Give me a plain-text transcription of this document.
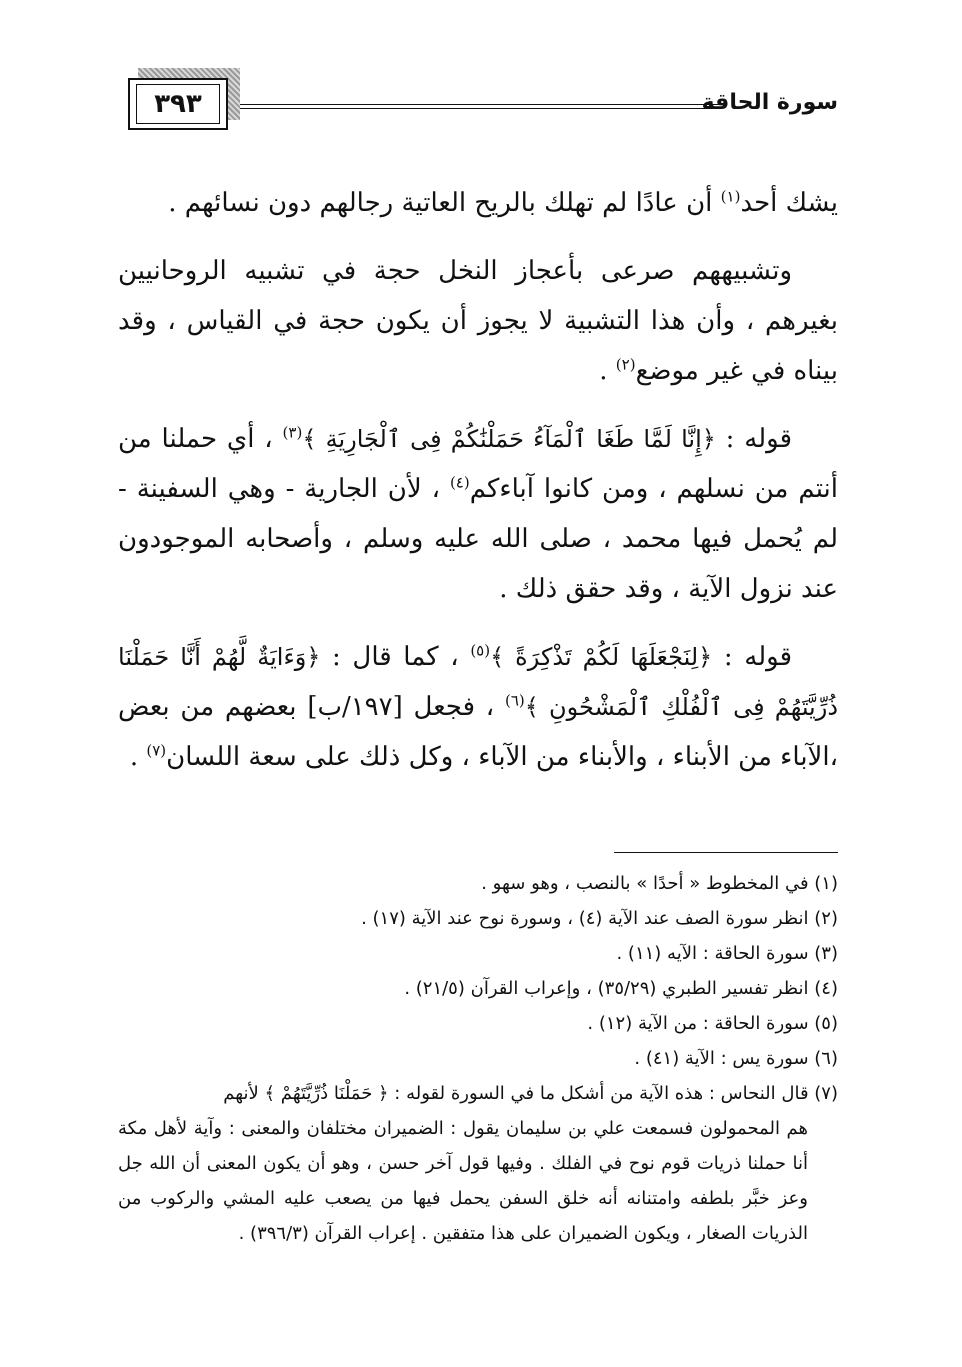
٣٩٣	سورة الحاقة

يشك أحد$^{(١)}$ أن عادًا لم تهلك بالريح العاتية رجالهم دون نسائهم .

وتشبيههم صرعى بأعجاز النخل حجة في تشبيه الروحانيين بغيرهم ، وأن هذا التشبية لا يجوز أن يكون حجة في القياس ، وقد بيناه في غير موضع$^{(٢)}$ .

قوله : ﴿إِنَّا لَمَّا طَغَا ٱلْمَآءُ حَمَلْنَٰكُمْ فِى ٱلْجَارِيَةِ ﴾$^{(٣)}$ ، أي حملنا من أنتم من نسلهم ، ومن كانوا آباءكم$^{(٤)}$ ، لأن الجارية - وهي السفينة - لم يُحمل فيها محمد ، صلى الله عليه وسلم ، وأصحابه الموجودون عند نزول الآية ، وقد حقق ذلك .

قوله : ﴿لِنَجْعَلَهَا لَكُمْ تَذْكِرَةً ﴾$^{(٥)}$ ، كما قال : ﴿وَءَايَةٌ لَّهُمْ أَنَّا حَمَلْنَا ذُرِّيَّتَهُمْ فِى ٱلْفُلْكِ ٱلْمَشْحُونِ ﴾$^{(٦)}$ ، فجعل [١٩٧/ب] بعضهم من بعض ،الآباء من الأبناء ، والأبناء من الآباء ، وكل ذلك على سعة اللسان$^{(٧)}$ .

(١) في المخطوط « أحدًا » بالنصب ، وهو سهو .

(٢) انظر سورة الصف عند الآية (٤) ، وسورة نوح عند الآية (١٧) .

(٣) سورة الحاقة : الآيه (١١) .

(٤) انظر تفسير الطبري (٣٥/٢٩) ، وإعراب القرآن (٢١/٥) .

(٥) سورة الحاقة : من الآية (١٢) .

(٦) سورة يس : الآية (٤١) .

(٧) قال النحاس : هذه الآية من أشكل ما في السورة لقوله : ﴿ حَمَلْنَا ذُرِّيَّتَهُمْ ﴾ لأنهم

هم المحمولون فسمعت علي بن سليمان يقول : الضميران مختلفان والمعنى : وآية لأهل مكة أنا حملنا ذريات قوم نوح في الفلك . وفيها قول آخر حسن ، وهو أن يكون المعنى أن الله جل وعز خبَّر بلطفه وامتنانه أنه خلق السفن يحمل فيها من يصعب عليه المشي والركوب من الذريات الصغار ، ويكون الضميران على هذا متفقين . إعراب القرآن (٣٩٦/٣) .
